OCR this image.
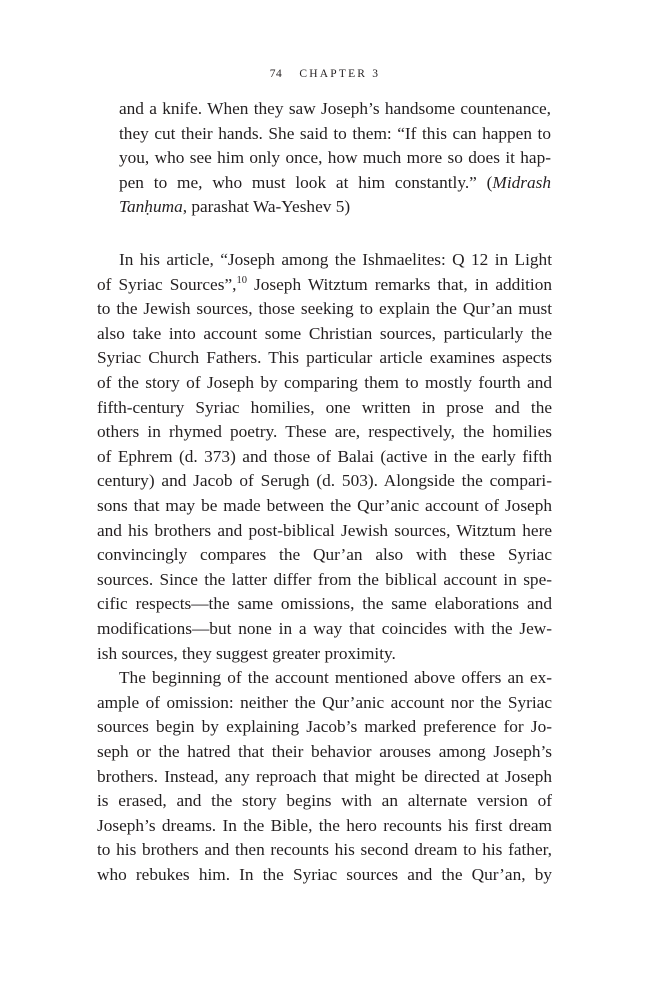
74 CHAPTER 3
and a knife. When they saw Joseph’s handsome countenance,
they cut their hands. She said to them: “If this can happen to
you, who see him only once, how much more so does it hap-
pen to me, who must look at him constantly.” (Midrash
Tanḥuma, parashat Wa-Yeshev 5)
In his article, “Joseph among the Ishmaelites: Q 12 in Light
of Syriac Sources”,$^{10}$ Joseph Witztum remarks that, in addition
to the Jewish sources, those seeking to explain the Qur’an must
also take into account some Christian sources, particularly the
Syriac Church Fathers. This particular article examines aspects
of the story of Joseph by comparing them to mostly fourth and
fifth-century Syriac homilies, one written in prose and the
others in rhymed poetry. These are, respectively, the homilies
of Ephrem (d. 373) and those of Balai (active in the early fifth
century) and Jacob of Serugh (d. 503). Alongside the compari-
sons that may be made between the Qur’anic account of Joseph
and his brothers and post-biblical Jewish sources, Witztum here
convincingly compares the Qur’an also with these Syriac
sources. Since the latter differ from the biblical account in spe-
cific respects—the same omissions, the same elaborations and
modifications—but none in a way that coincides with the Jew-
ish sources, they suggest greater proximity.
The beginning of the account mentioned above offers an ex-
ample of omission: neither the Qur’anic account nor the Syriac
sources begin by explaining Jacob’s marked preference for Jo-
seph or the hatred that their behavior arouses among Joseph’s
brothers. Instead, any reproach that might be directed at Joseph
is erased, and the story begins with an alternate version of
Joseph’s dreams. In the Bible, the hero recounts his first dream
to his brothers and then recounts his second dream to his father,
who rebukes him. In the Syriac sources and the Qur’an, by
